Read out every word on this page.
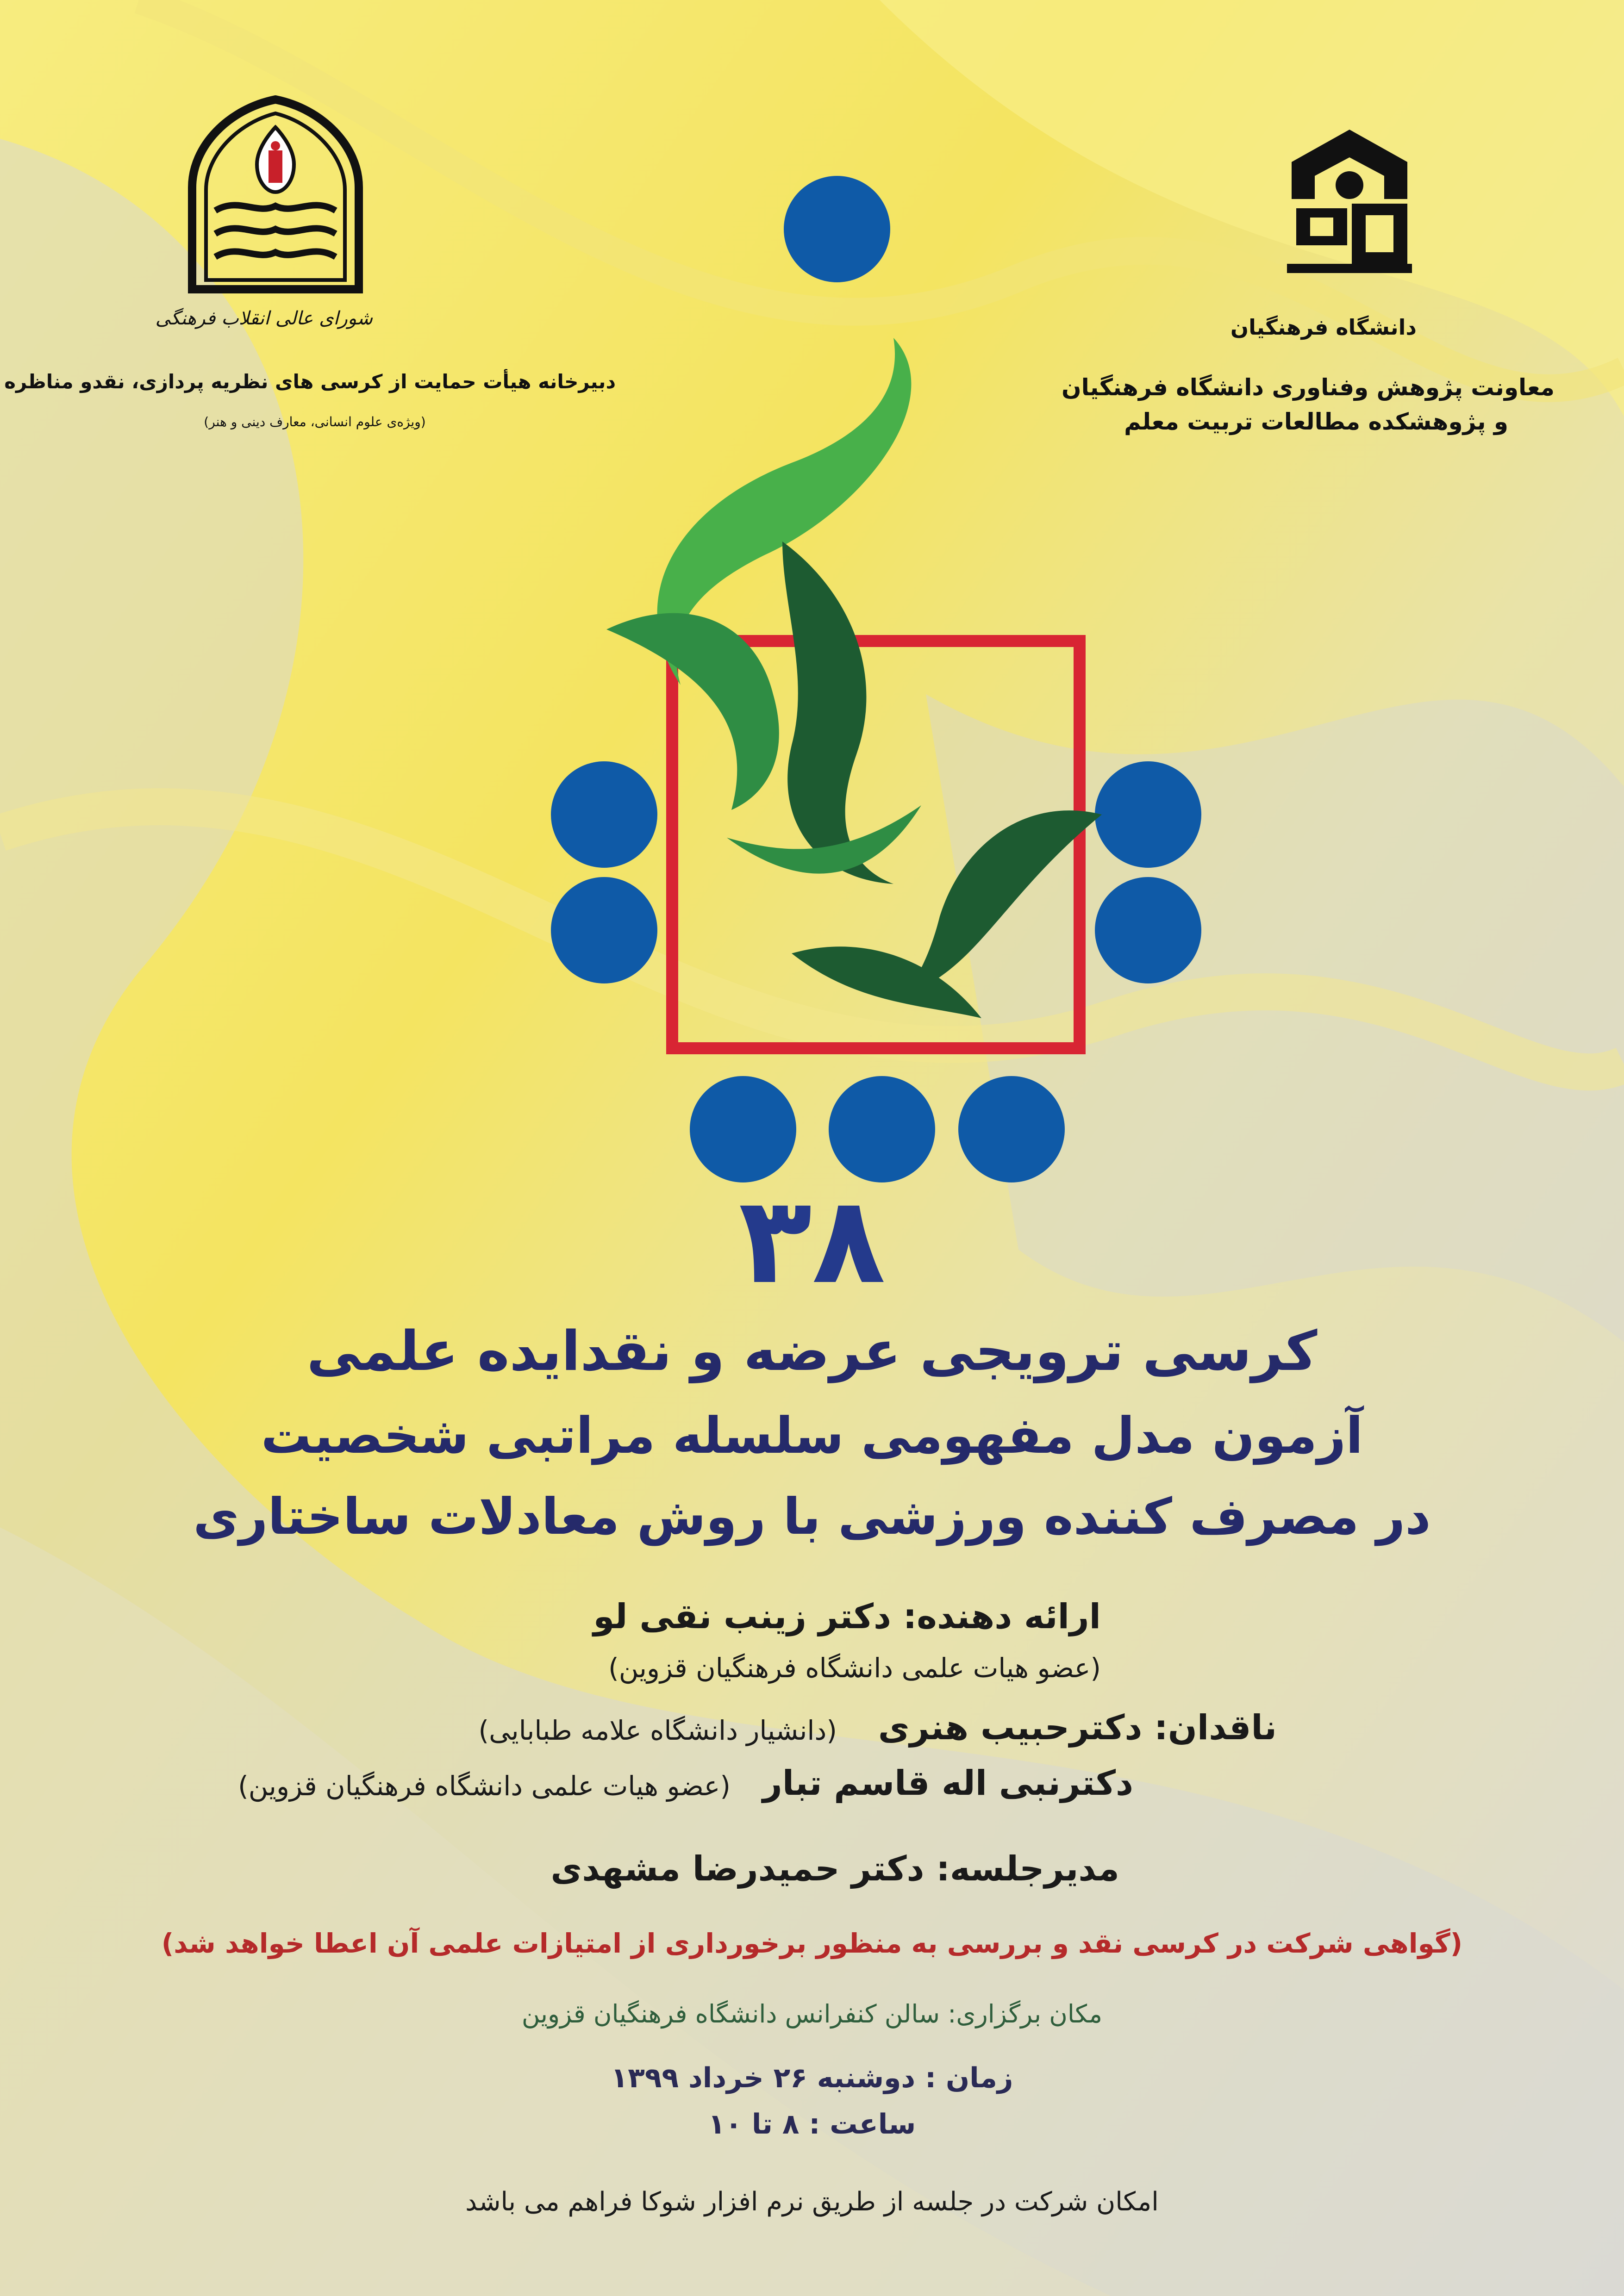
دانشگاه فرهنگیان
معاونت پژوهش وفناوری دانشگاه فرهنگیان
و پژوهشکده مطالعات تربیت معلم
شورای عالی انقلاب فرهنگی
دبیرخانه هیأت حمایت از کرسی های نظریه پردازی، نقدو مناظره
(ویژه‌ی علوم انسانی، معارف دینی و هنر)
۳۸
کرسی ترویجی عرضه و نقدایده علمی
آزمون مدل مفهومی سلسله مراتبی شخصیت
در مصرف کننده ورزشی با روش معادلات ساختاری
ارائه دهنده: دکتر زینب نقی لو
(عضو هیات علمی دانشگاه فرهنگیان قزوین)
ناقدان: دکترحبیب هنری
(دانشیار دانشگاه علامه طبابایی)
دکترنبی اله قاسم تبار
(عضو هیات علمی دانشگاه فرهنگیان قزوین)
مدیرجلسه: دکتر حمیدرضا مشهدی
(گواهی شرکت در کرسی نقد و بررسی به منظور برخورداری از امتیازات علمی آن اعطا خواهد شد)
مکان برگزاری: سالن کنفرانس دانشگاه فرهنگیان قزوین
زمان : دوشنبه ۲۶ خرداد ۱۳۹۹
ساعت : ۸ تا ۱۰
امکان شرکت در جلسه از طریق نرم افزار شوکا فراهم می باشد
